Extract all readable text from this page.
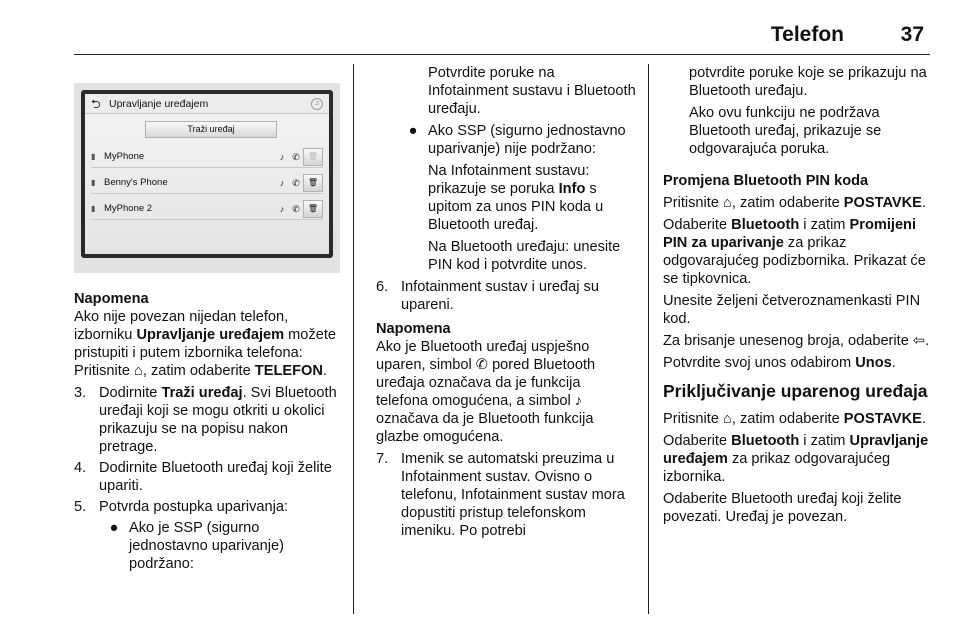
Telefon	37
⮌ Upravljanje uređajem	♫
Traži uređaj
▮ MyPhone	♪ ✆	🗑
▮ Benny's Phone	♪ ✆	🗑
▮ MyPhone 2	♪ ✆	🗑
Napomena

Ako nije povezan nijedan telefon, izborniku Upravljanje uređajem možete pristupiti i putem izbornika telefona: Pritisnite ⌂, zatim odaberite TELEFON.

3. Dodirnite Traži uređaj. Svi Bluetooth uređaji koji se mogu otkriti u okolici prikazuju se na popisu nakon pretrage.
4. Dodirnite Bluetooth uređaj koji želite upariti.
5. Potvrda postupka uparivanja:
● Ako je SSP (sigurno jednostavno uparivanje) podržano:

Potvrdite poruke na Infotainment sustavu i Bluetooth uređaju.

● Ako SSP (sigurno jednostavno uparivanje) nije podržano:

Na Infotainment sustavu: prikazuje se poruka Info s upitom za unos PIN koda u Bluetooth uređaj.

Na Bluetooth uređaju: unesite PIN kod i potvrdite unos.

6. Infotainment sustav i uređaj su upareni.
Napomena

Ako je Bluetooth uređaj uspješno uparen, simbol ✆ pored Bluetooth uređaja označava da je funkcija telefona omogućena, a simbol ♪ označava da je Bluetooth funkcija glazbe omogućena.

7. Imenik se automatski preuzima u Infotainment sustav. Ovisno o telefonu, Infotainment sustav mora dopustiti pristup telefonskom imeniku. Po potrebi

potvrdite poruke koje se prikazuju na Bluetooth uređaju.

Ako ovu funkciju ne podržava Bluetooth uređaj, prikazuje se odgovarajuća poruka.

Promjena Bluetooth PIN koda

Pritisnite ⌂, zatim odaberite POSTAVKE.

Odaberite Bluetooth i zatim Promijeni PIN za uparivanje za prikaz odgovarajućeg podizbornika. Prikazat će se tipkovnica.

Unesite željeni četveroznamenkasti PIN kod.

Za brisanje unesenog broja, odaberite ⇦.

Potvrdite svoj unos odabirom Unos.

Priključivanje uparenog uređaja

Pritisnite ⌂, zatim odaberite POSTAVKE.

Odaberite Bluetooth i zatim Upravljanje uređajem za prikaz odgovarajućeg izbornika.

Odaberite Bluetooth uređaj koji želite povezati. Uređaj je povezan.
